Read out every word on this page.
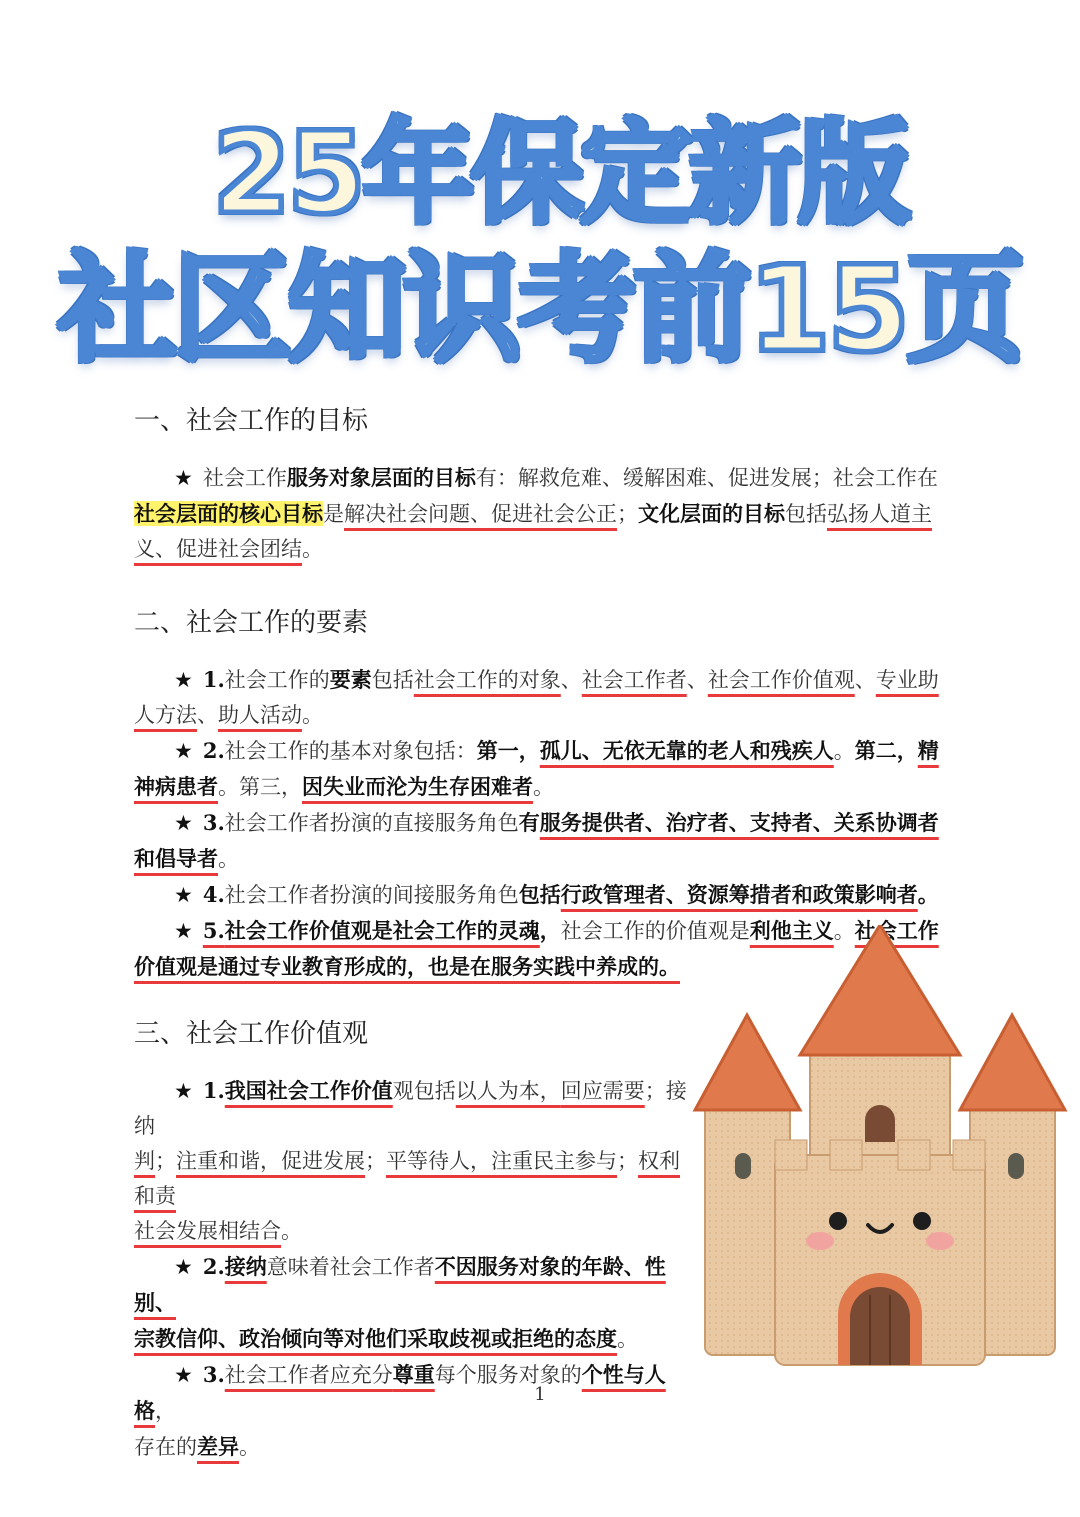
25年保定新版
社区知识考前15页
一、社会工作的目标

★ 社会工作服务对象层面的目标有：解救危难、缓解困难、促进发展；社会工作在社会层面的核心目标是解决社会问题、促进社会公正；文化层面的目标包括弘扬人道主义、促进社会团结。

二、社会工作的要素

★ 1.社会工作的要素包括社会工作的对象、社会工作者、社会工作价值观、专业助人方法、助人活动。

★ 2.社会工作的基本对象包括：第一，孤儿、无依无靠的老人和残疾人。第二，精神病患者。第三，因失业而沦为生存困难者。

★ 3.社会工作者扮演的直接服务角色有服务提供者、治疗者、支持者、关系协调者和倡导者。

★ 4.社会工作者扮演的间接服务角色包括行政管理者、资源筹措者和政策影响者。

★ 5.社会工作价值观是社会工作的灵魂，社会工作的价值观是利他主义。社会工作价值观是通过专业教育形成的，也是在服务实践中养成的。

三、社会工作价值观

★ 1.我国社会工作价值观包括以人为本，回应需要；接纳
判；注重和谐，促进发展；平等待人，注重民主参与；权利和责
社会发展相结合。

★ 2.接纳意味着社会工作者不因服务对象的年龄、性别、
宗教信仰、政治倾向等对他们采取歧视或拒绝的态度。

★ 3.社会工作者应充分尊重每个服务对象的个性与人格，
存在的差异。

1
